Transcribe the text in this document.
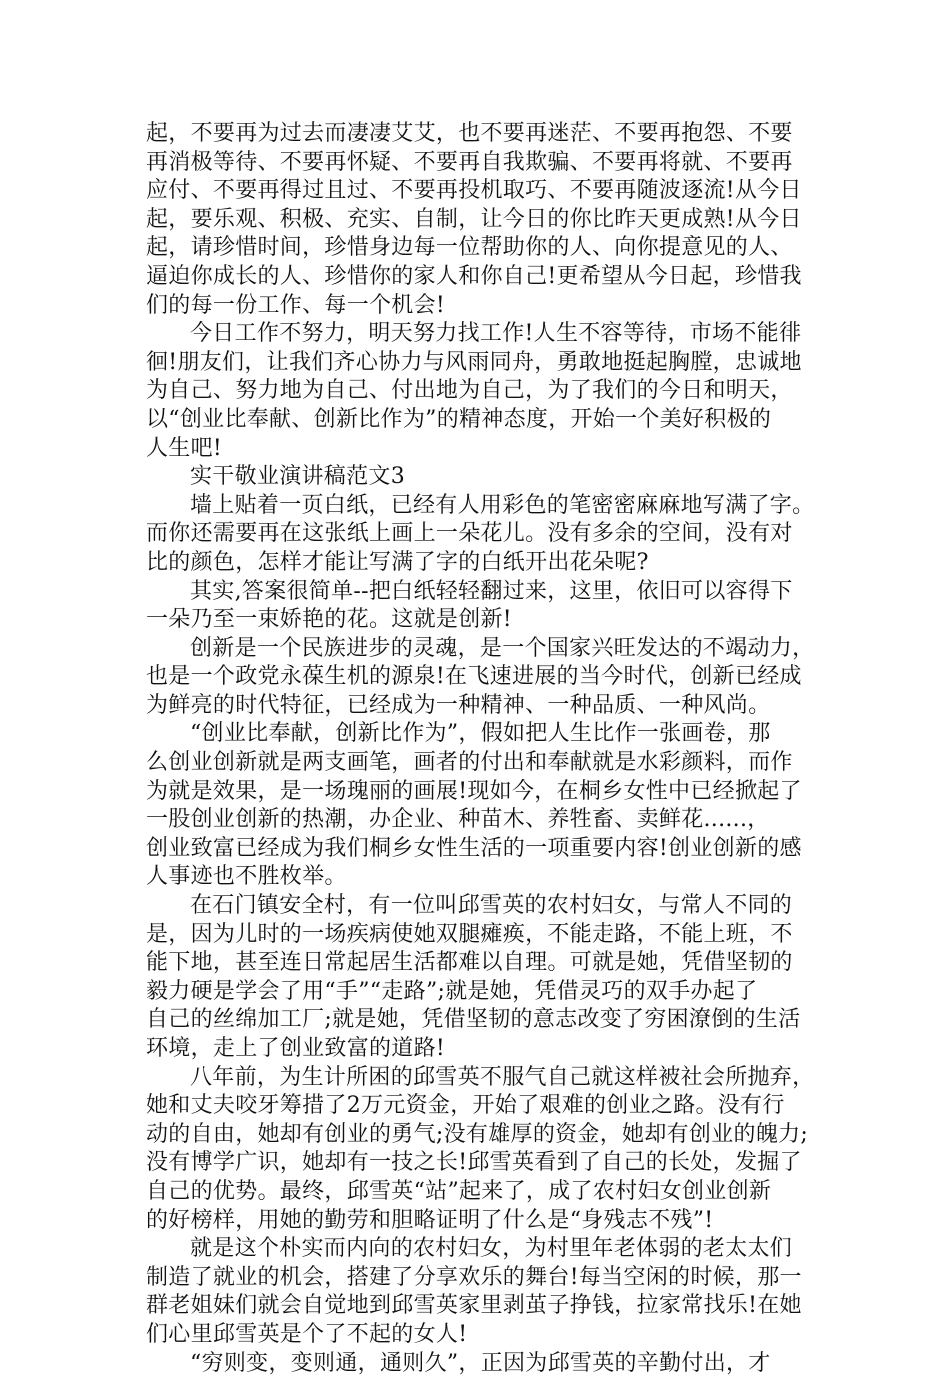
起，不要再为过去而凄凄艾艾，也不要再迷茫、不要再抱怨、不要
再消极等待、不要再怀疑、不要再自我欺骗、不要再将就、不要再
应付、不要再得过且过、不要再投机取巧、不要再随波逐流!从今日
起，要乐观、积极、充实、自制，让今日的你比昨天更成熟!从今日
起，请珍惜时间，珍惜身边每一位帮助你的人、向你提意见的人、
逼迫你成长的人、珍惜你的家人和你自己!更希望从今日起，珍惜我
们的每一份工作、每一个机会!
今日工作不努力，明天努力找工作!人生不容等待，市场不能徘
徊!朋友们，让我们齐心协力与风雨同舟，勇敢地挺起胸膛，忠诚地
为自己、努力地为自己、付出地为自己，为了我们的今日和明天，
以“创业比奉献、创新比作为”的精神态度，开始一个美好积极的
人生吧!
实干敬业演讲稿范文3
墙上贴着一页白纸，已经有人用彩色的笔密密麻麻地写满了字。
而你还需要再在这张纸上画上一朵花儿。没有多余的空间，没有对
比的颜色，怎样才能让写满了字的白纸开出花朵呢?
其实,答案很简单--把白纸轻轻翻过来，这里，依旧可以容得下
一朵乃至一束娇艳的花。这就是创新!
创新是一个民族进步的灵魂，是一个国家兴旺发达的不竭动力，
也是一个政党永葆生机的源泉!在飞速进展的当今时代，创新已经成
为鲜亮的时代特征，已经成为一种精神、一种品质、一种风尚。
“创业比奉献，创新比作为”，假如把人生比作一张画卷，那
么创业创新就是两支画笔，画者的付出和奉献就是水彩颜料，而作
为就是效果，是一场瑰丽的画展!现如今，在桐乡女性中已经掀起了
一股创业创新的热潮，办企业、种苗木、养牲畜、卖鲜花......，
创业致富已经成为我们桐乡女性生活的一项重要内容!创业创新的感
人事迹也不胜枚举。
在石门镇安全村，有一位叫邱雪英的农村妇女，与常人不同的
是，因为儿时的一场疾病使她双腿瘫痪，不能走路，不能上班，不
能下地，甚至连日常起居生活都难以自理。可就是她，凭借坚韧的
毅力硬是学会了用“手”“走路”;就是她，凭借灵巧的双手办起了
自己的丝绵加工厂;就是她，凭借坚韧的意志改变了穷困潦倒的生活
环境，走上了创业致富的道路!
八年前，为生计所困的邱雪英不服气自己就这样被社会所抛弃，
她和丈夫咬牙筹措了2万元资金，开始了艰难的创业之路。没有行
动的自由，她却有创业的勇气;没有雄厚的资金，她却有创业的魄力;
没有博学广识，她却有一技之长!邱雪英看到了自己的长处，发掘了
自己的优势。最终，邱雪英“站”起来了，成了农村妇女创业创新
的好榜样，用她的勤劳和胆略证明了什么是“身残志不残”!
就是这个朴实而内向的农村妇女，为村里年老体弱的老太太们
制造了就业的机会，搭建了分享欢乐的舞台!每当空闲的时候，那一
群老姐妹们就会自觉地到邱雪英家里剥茧子挣钱，拉家常找乐!在她
们心里邱雪英是个了不起的女人!
“穷则变，变则通，通则久”，正因为邱雪英的辛勤付出，才
